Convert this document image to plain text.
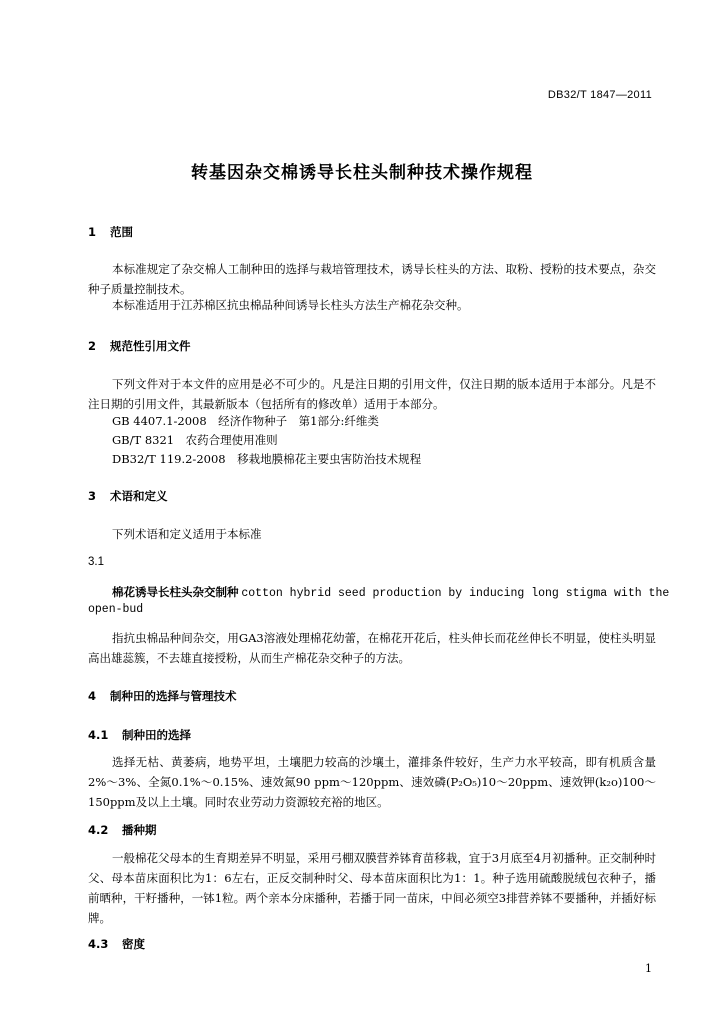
DB32/T 1847—2011
转基因杂交棉诱导长柱头制种技术操作规程
1 范围
本标准规定了杂交棉人工制种田的选择与栽培管理技术，诱导长柱头的方法、取粉、授粉的技术要点，杂交种子质量控制技术。
本标准适用于江苏棉区抗虫棉品种间诱导长柱头方法生产棉花杂交种。
2 规范性引用文件
下列文件对于本文件的应用是必不可少的。凡是注日期的引用文件，仅注日期的版本适用于本部分。凡是不注日期的引用文件，其最新版本（包括所有的修改单）适用于本部分。
GB 4407.1-2008　经济作物种子　第1部分:纤维类
GB/T 8321　农药合理使用准则
DB32/T 119.2-2008　移栽地膜棉花主要虫害防治技术规程
3 术语和定义
下列术语和定义适用于本标准
3.1
棉花诱导长柱头杂交制种 cotton hybrid seed production by inducing long stigma with the
open-bud
指抗虫棉品种间杂交，用GA3溶液处理棉花幼蕾，在棉花开花后，柱头伸长而花丝伸长不明显，使柱头明显高出雄蕊簇，不去雄直接授粉，从而生产棉花杂交种子的方法。
4 制种田的选择与管理技术
4.1 制种田的选择
选择无枯、黄萎病，地势平坦，土壤肥力较高的沙壤土，灌排条件较好，生产力水平较高，即有机质含量2%～3%、全氮0.1%～0.15%、速效氮90 ppm～120ppm、速效磷(P₂O₅)10～20ppm、速效钾(k₂o)100～150ppm及以上土壤。同时农业劳动力资源较充裕的地区。
4.2 播种期
一般棉花父母本的生育期差异不明显，采用弓棚双膜营养钵育苗移栽，宜于3月底至4月初播种。正交制种时父、母本苗床面积比为1：6左右，正反交制种时父、母本苗床面积比为1：1。种子选用硫酸脱绒包衣种子，播前晒种，干籽播种，一钵1粒。两个亲本分床播种，若播于同一苗床，中间必须空3排营养钵不要播种，并插好标牌。
4.3 密度
1
